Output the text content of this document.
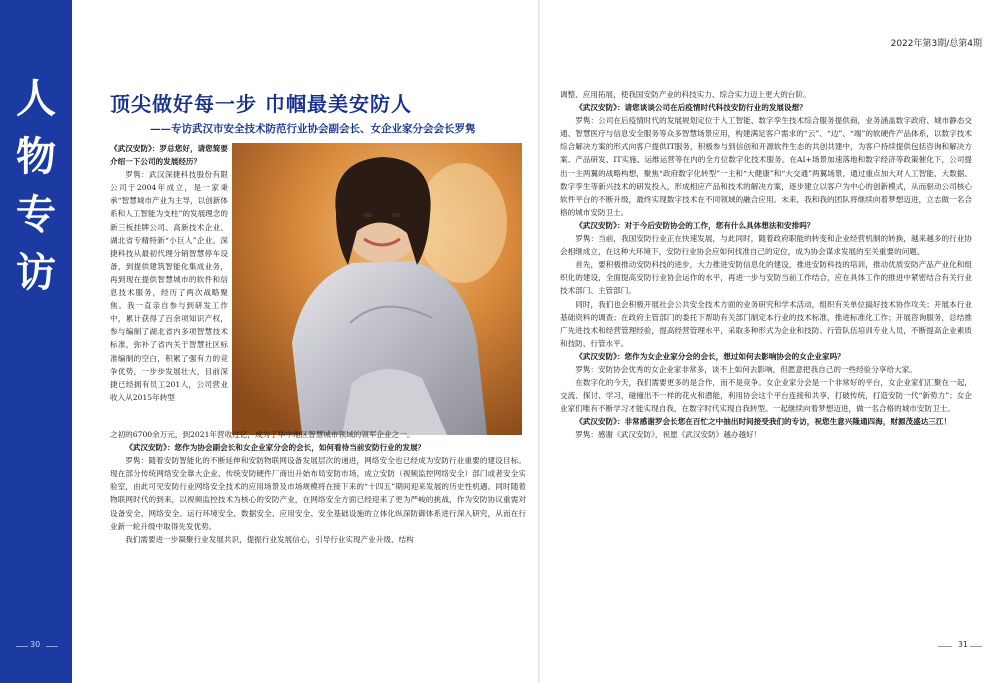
人
物
专
访
2022年第3期/总第4期
顶尖做好每一步 巾帼最美安防人
——专访武汉市安全技术防范行业协会副会长、女企业家分会会长罗隽

《武汉安防》：罗总您好，请您简要介绍一下公司的发展经历？

罗隽：武汉深捷科技股份有限公司于2004年成立，是一家秉承“智慧城市产业为主导，以创新体系和人工智能为支柱”的发展理念的新三板挂牌公司、高新技术企业、湖北省专精特新“小巨人”企业。深捷科技从最初代理分销智慧停车设备，到提供建筑智能化集成业务，再到现在提供智慧城市的软件和信息技术服务，经历了两次战略聚焦。我一直亲自参与到研发工作中，累计获得了百余项知识产权，参与编制了湖北省内多项智慧技术标准，弥补了省内关于智慧社区标准编制的空白，积累了强有力的竞争优势，一步步发展壮大，目前深捷已经拥有员工201人，公司营业收入从2015年转型

之初的6700余万元，到2021年营收过亿，成为了华中地区智慧城市领域的领军企业之一。

《武汉安防》：您作为协会副会长和女企业家分会的会长，如何看待当前安防行业的发展？

罗隽：随着安防智能化的不断延伸和安防物联网设备发展层次的递进，网络安全也已经成为安防行业重要的建设目标。现在部分传统网络安全靠大企业、传统安防硬件厂商出升始布局安防市场，成立安防（视频监控网络安全）部门或者安全实验室，由此可见安防行业网络安全技术的应用场景及市场规模将在接下来的“十四五”期间迎来发展的历史性机遇。同时随着物联网时代的到来，以视频监控技术为核心的安防产业，在网络安全方面已经迎来了更为严峻的挑战，作为安防协议重需对设备安全、网络安全、运行环境安全、数据安全、应用安全、安全基础设施的立体化纵深防御体系进行深入研究，从而在行业新一轮升级中取得先发优势。

我们需要进一步凝聚行业发展共识，提振行业发展信心，引导行业实现产业升级、结构

调整、应用拓展，使我国安防产业的科技实力、综合实力迈上更大的台阶。

《武汉安防》：请您谈谈公司在后疫情时代科技安防行业的发展设想？

罗隽：公司在后疫情时代的发展规划定位于人工智能、数字孪生技术综合服务提供商，业务涵盖数字政府、城市静态交通、智慧医疗与信息安全服务等众多智慧场景应用，构建满足客户需求的“云”、“边”、“端”的软硬件产品体系，以数字技术综合解决方案的形式向客户提供IT服务，积极参与到信创和开源软件生态的共创共建中，为客户持续提供包括咨询和解决方案、产品研发、IT实施、运维运营等在内的全方位数字化技术服务。在AI+场景加速落地和数字经济等政策催化下，公司提出一主两翼的战略构想，聚焦“政府数字化转型”一主和“大健康”和“大交通”两翼场景，通过重点加大对人工智能、大数据、数字孪生等新兴技术的研发投入，形成相应产品和技术的解决方案，逐步建立以客户为中心的创新模式，从而驱动公司核心软件平台的不断升级，最终实现数字技术在不同领域的融合应用。未来，我和我的团队将继续向着梦想迈进，立志做一名合格的城市安防卫士。

《武汉安防》：对于今后安防协会的工作，您有什么具体想法和安排吗？

罗隽：当前，我国安防行业正在快速发展，与此同时，随着政府职能的转变和企业经营机制的转换，越来越多的行业协会相继成立，在这种大环境下，安防行业协会应如何找准自己的定位，成为协会谋求发展的至关重要的问题。

首先，要积极推动安防科技的进步，大力推进安防信息化的建设，推进安防科技的培训，推动优质安防产品产业化和组织化的建设，全面提高安防行业协会运作的水平，再进一步与安防当前工作结合，应在具体工作的推进中紧密结合有关行业技术部门、主管部门。

同时，我们也会积极开展社会公共安全技术方面的业务研究和学术活动，组织有关单位搞好技术协作攻关；开展本行业基础资料的调查；在政府主管部门的委托下帮助有关部门制定本行业的技术标准，推进标准化工作；开展咨询服务，总结推广先进技术和经营管理经验，提高经营管理水平，采取多种形式为企业和技防、行管队伍培训专业人员，不断提高企业素质和技防、行管水平。

《武汉安防》：您作为女企业家分会的会长，想过如何去影响协会的女企业家吗？

罗隽：安防协会优秀的女企业家非常多，谈不上如何去影响，但愿意把我自己的一些经验分享给大家。

在数字化的今天，我们需要更多的是合作，而不是竞争。女企业家分会是一个非常好的平台，女企业家们汇聚在一起，交流、探讨、学习，碰撞出不一样的花火和潜能，利用协会这个平台连接和共享，打破传统，打造安防一代“新势力”；女企业家们唯有不断学习才能实现自我，在数字时代实现自我转型。一起继续向着梦想迈进，做一名合格的城市安防卫士。

《武汉安防》：非常感谢罗会长您在百忙之中抽出时间接受我们的专访，祝您生意兴隆通四海，财源茂盛达三江！

罗隽：感谢《武汉安防》，祝愿《武汉安防》越办越好！

30	31
